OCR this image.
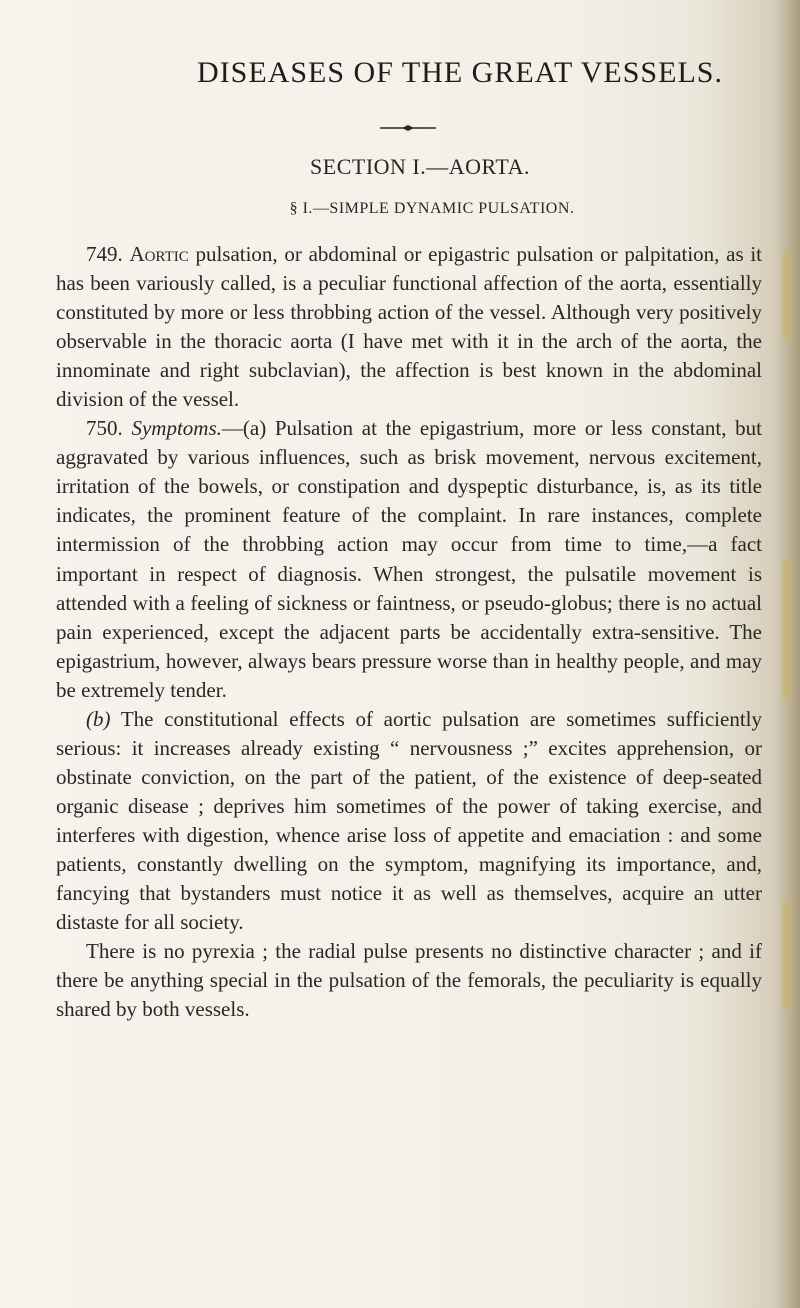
DISEASES OF THE GREAT VESSELS.
SECTION I.—AORTA.
§ I.—SIMPLE DYNAMIC PULSATION.

749. Aortic pulsation, or abdominal or epigastric pulsation or palpitation, as it has been variously called, is a peculiar functional affection of the aorta, essentially constituted by more or less throbbing action of the vessel. Although very positively observable in the thoracic aorta (I have met with it in the arch of the aorta, the innominate and right subclavian), the affection is best known in the abdominal division of the vessel.

750. Symptoms.—(a) Pulsation at the epigastrium, more or less constant, but aggravated by various influences, such as brisk movement, nervous excitement, irritation of the bowels, or constipation and dyspeptic disturbance, is, as its title indicates, the prominent feature of the complaint. In rare instances, complete intermission of the throbbing action may occur from time to time,—a fact important in respect of diagnosis. When strongest, the pulsatile movement is attended with a feeling of sickness or faintness, or pseudo-globus; there is no actual pain experienced, except the adjacent parts be accidentally extra-sensitive. The epigastrium, however, always bears pressure worse than in healthy people, and may be extremely tender.

(b) The constitutional effects of aortic pulsation are sometimes sufficiently serious: it increases already existing “ nervousness ;” excites apprehension, or obstinate conviction, on the part of the patient, of the existence of deep-seated organic disease ; deprives him sometimes of the power of taking exercise, and interferes with digestion, whence arise loss of appetite and emaciation : and some patients, constantly dwelling on the symptom, magnifying its importance, and, fancying that bystanders must notice it as well as themselves, acquire an utter distaste for all society.

There is no pyrexia ; the radial pulse presents no distinctive character ; and if there be anything special in the pulsation of the femorals, the peculiarity is equally shared by both vessels.
